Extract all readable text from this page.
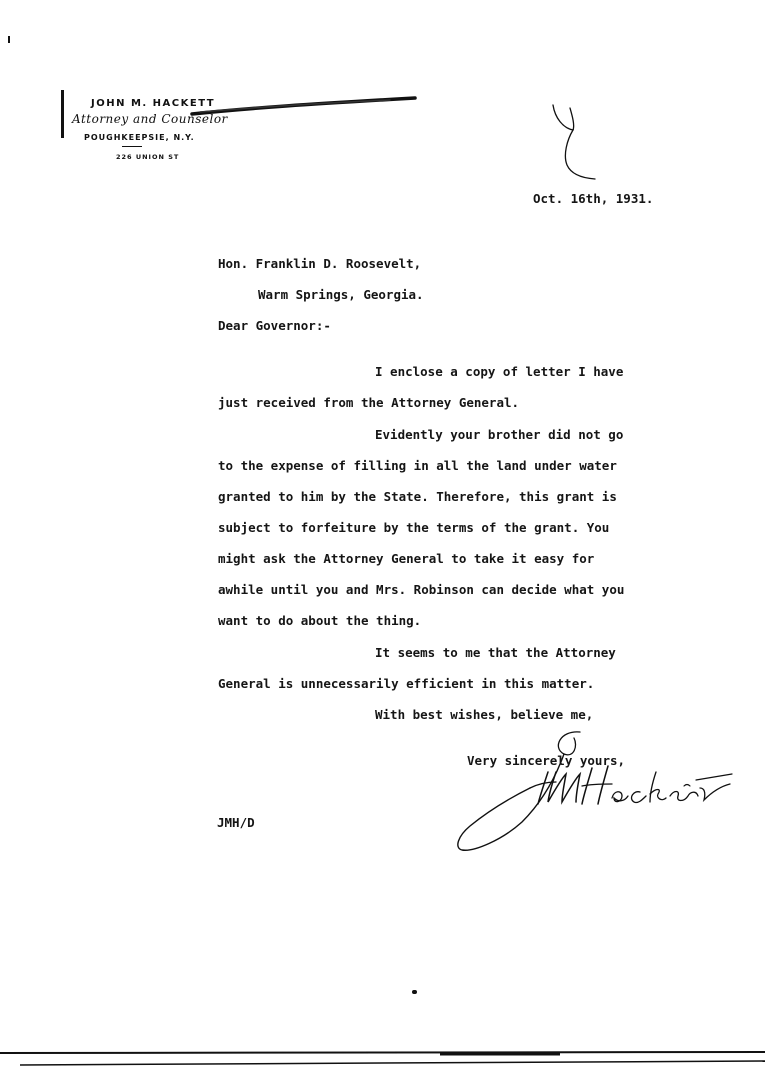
JOHN M. HACKETT
Attorney and Counselor
POUGHKEEPSIE, N.Y.
226 UNION ST
Oct. 16th, 1931.
Hon. Franklin D. Roosevelt,
Warm Springs, Georgia.
Dear Governor:-
I enclose a copy of letter I have
just received from the Attorney General.
Evidently your brother did not go
to the expense of filling in all the land under water
granted to him by the State. Therefore, this grant is
subject to forfeiture by the terms of the grant. You
might ask the Attorney General to take it easy for
awhile until you and Mrs. Robinson can decide what you
want to do about the thing.
It seems to me that the Attorney
General is unnecessarily efficient in this matter.
With best wishes, believe me,
Very sincerely yours,
JMH/D
